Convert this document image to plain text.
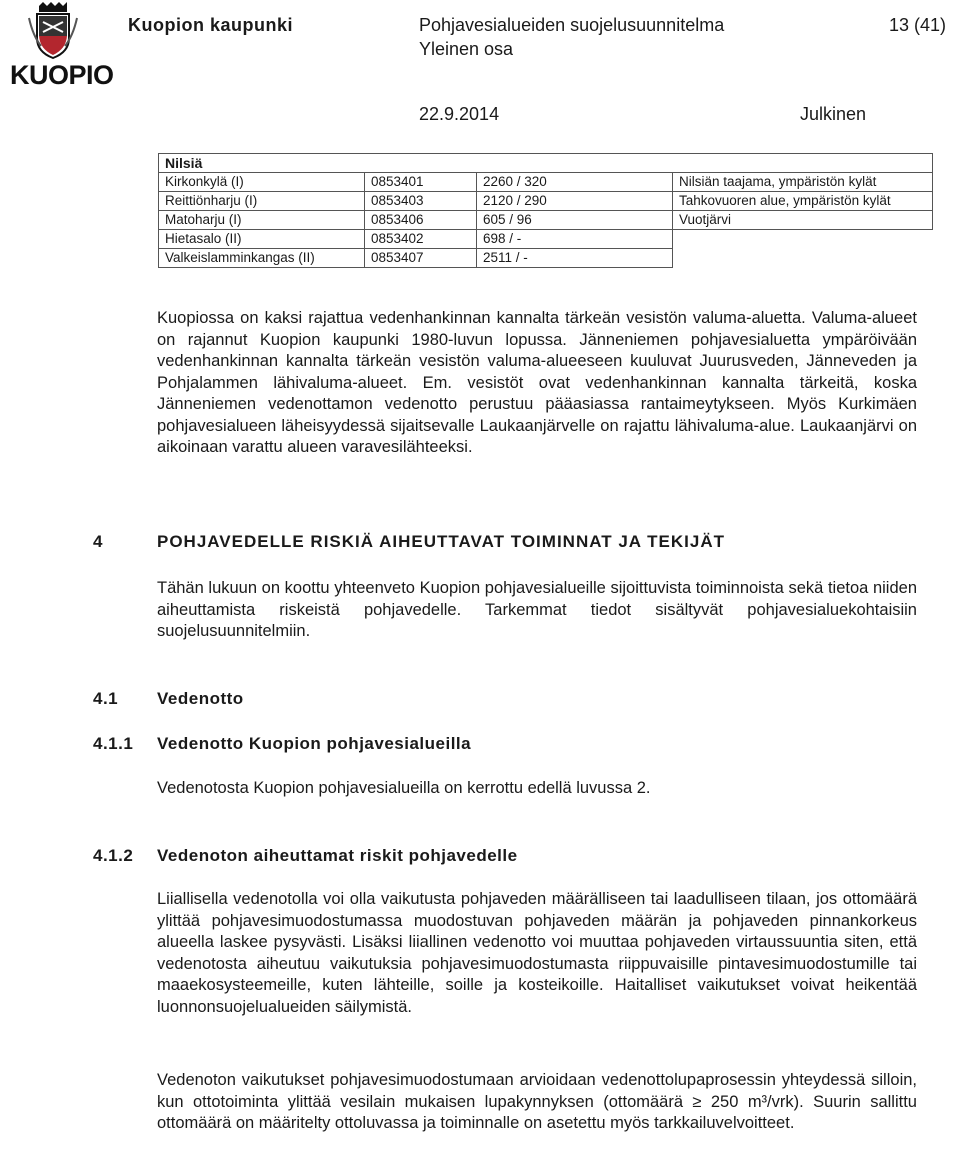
KUOPIO
Kuopion kaupunki	Pohjavesialueiden suojelusuunnitelma
Yleinen osa
13 (41)
22.9.2014	Julkinen
Nilsiä			
Kirkonkylä (I)	0853401	2260 / 320	Nilsiän taajama, ympäristön kylät
Reittiönharju (I)	0853403	2120 / 290	Tahkovuoren alue, ympäristön kylät
Matoharju (I)	0853406	605 / 96	Vuotjärvi
Hietasalo (II)	0853402	698 / -	
Valkeislamminkangas (II)	0853407	2511 / -	
Kuopiossa on kaksi rajattua vedenhankinnan kannalta tärkeän vesistön valuma-aluetta. Valuma-alueet on rajannut Kuopion kaupunki 1980-luvun lopussa. Jänneniemen pohjavesialuetta ympäröivään vedenhankinnan kannalta tärkeän vesistön valuma-alueeseen kuuluvat Juurusveden, Jänneveden ja Pohjalammen lähivaluma-alueet. Em. vesistöt ovat vedenhankinnan kannalta tärkeitä, koska Jänneniemen vedenottamon vedenotto perustuu pääasiassa rantaimeytykseen. Myös Kurkimäen pohjavesialueen läheisyydessä sijaitsevalle Laukaanjärvelle on rajattu lähivaluma-alue. Laukaanjärvi on aikoinaan varattu alueen varavesilähteeksi.
4	POHJAVEDELLE RISKIÄ AIHEUTTAVAT TOIMINNAT JA TEKIJÄT
Tähän lukuun on koottu yhteenveto Kuopion pohjavesialueille sijoittuvista toiminnoista sekä tietoa niiden aiheuttamista riskeistä pohjavedelle. Tarkemmat tiedot sisältyvät pohjavesialuekohtaisiin suojelusuunnitelmiin.
4.1 Vedenotto
4.1.1 Vedenotto Kuopion pohjavesialueilla
Vedenotosta Kuopion pohjavesialueilla on kerrottu edellä luvussa 2.
4.1.2 Vedenoton aiheuttamat riskit pohjavedelle
Liiallisella vedenotolla voi olla vaikutusta pohjaveden määrälliseen tai laadulliseen tilaan, jos ottomäärä ylittää pohjavesimuodostumassa muodostuvan pohjaveden määrän ja pohjaveden pinnankorkeus alueella laskee pysyvästi. Lisäksi liiallinen vedenotto voi muuttaa pohjaveden virtaussuuntia siten, että vedenotosta aiheutuu vaikutuksia pohjavesimuodostumasta riippuvaisille pintavesimuodostumille tai maaekosysteemeille, kuten lähteille, soille ja kosteikoille. Haitalliset vaikutukset voivat heikentää luonnonsuojelualueiden säilymistä.
Vedenoton vaikutukset pohjavesimuodostumaan arvioidaan vedenottolupaprosessin yhteydessä silloin, kun ottotoiminta ylittää vesilain mukaisen lupakynnyksen (ottomäärä ≥ 250 m³/vrk). Suurin sallittu ottomäärä on määritelty ottoluvassa ja toiminnalle on asetettu myös tarkkailuvelvoitteet.
